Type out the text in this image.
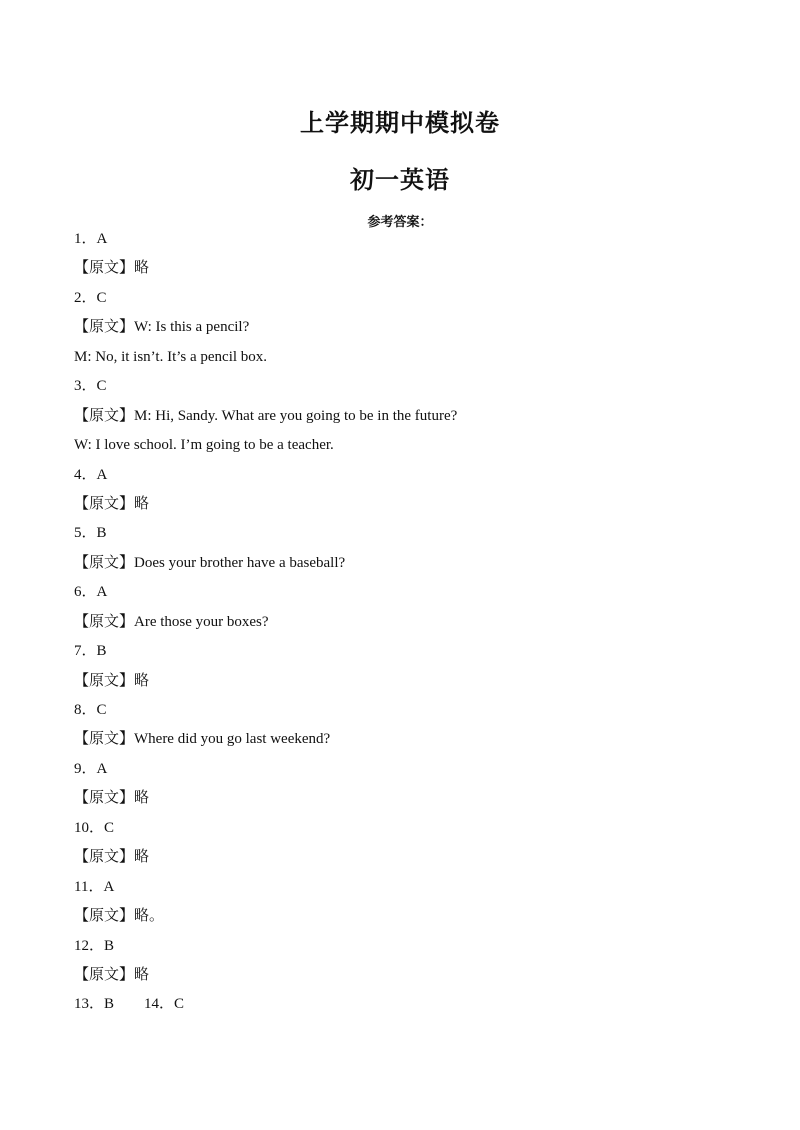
上学期期中模拟卷
初一英语
参考答案：
1．A
【原文】略
2．C
【原文】W: Is this a pencil?
M: No, it isn’t. It’s a pencil box.
3．C
【原文】M: Hi, Sandy. What are you going to be in the future?
W: I love school. I’m going to be a teacher.
4．A
【原文】略
5．B
【原文】Does your brother have a baseball?
6．A
【原文】Are those your boxes?
7．B
【原文】略
8．C
【原文】Where did you go last weekend?
9．A
【原文】略
10．C
【原文】略
11．A
【原文】略。
12．B
【原文】略
13．B 14．C
